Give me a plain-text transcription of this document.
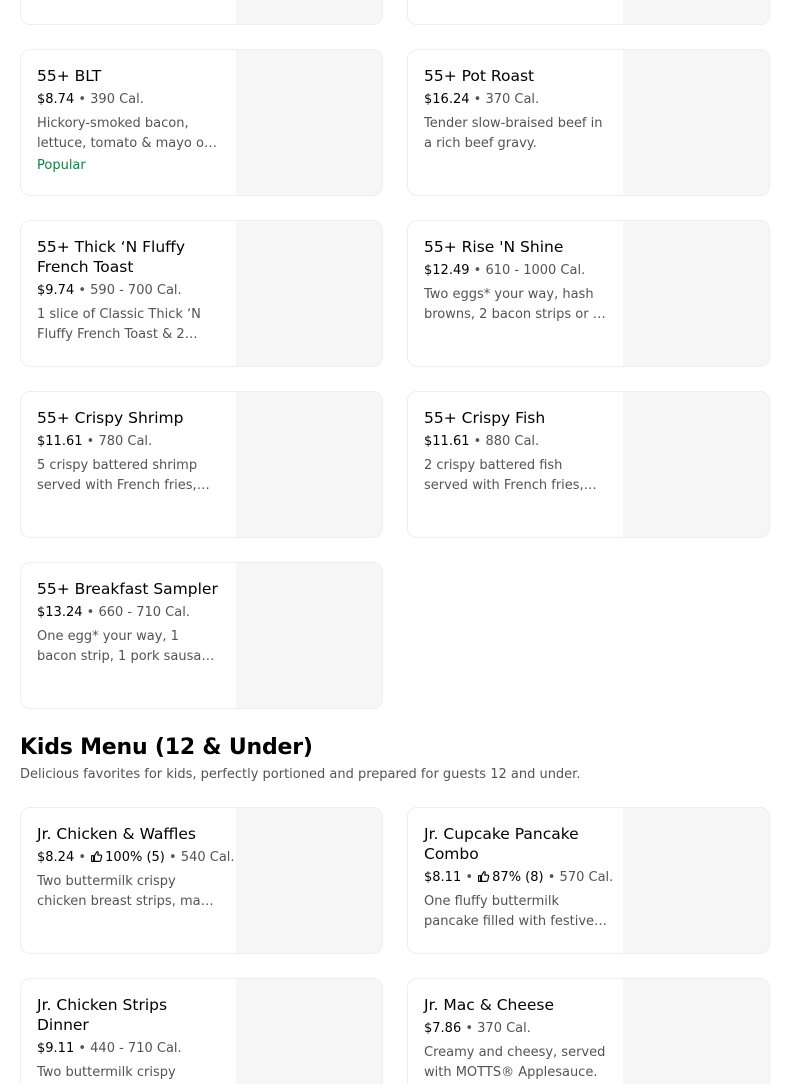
55+ BLT
$8.74 • 390 Cal.
Hickory-smoked bacon, lettuce, tomato & mayo on
Popular
55+ Pot Roast
$16.24 • 370 Cal.
Tender slow-braised beef in a rich beef gravy.
55+ Thick ‘N Fluffy French Toast
$9.74 • 590 - 700 Cal.
1 slice of Classic Thick ‘N Fluffy French Toast & 2
55+ Rise 'N Shine
$12.49 • 610 - 1000 Cal.
Two eggs* your way, hash browns, 2 bacon strips or 2
55+ Crispy Shrimp
$11.61 • 780 Cal.
5 crispy battered shrimp served with French fries,
55+ Crispy Fish
$11.61 • 880 Cal.
2 crispy battered fish served with French fries,
55+ Breakfast Sampler
$13.24 • 660 - 710 Cal.
One egg* your way, 1 bacon strip, 1 pork sausage
Kids Menu (12 & Under)

Delicious favorites for kids, perfectly portioned and prepared for guests 12 and under.

Jr. Chicken & Waffles
$8.24 • 100% (5) • 540 Cal.
Two buttermilk crispy chicken breast strips, made
Jr. Cupcake Pancake Combo
$8.11 • 87% (8) • 570 Cal.
One fluffy buttermilk pancake filled with festive
Jr. Chicken Strips Dinner
$9.11 • 440 - 710 Cal.
Two buttermilk crispy
Jr. Mac & Cheese
$7.86 • 370 Cal.
Creamy and cheesy, served with MOTTS® Applesauce.
